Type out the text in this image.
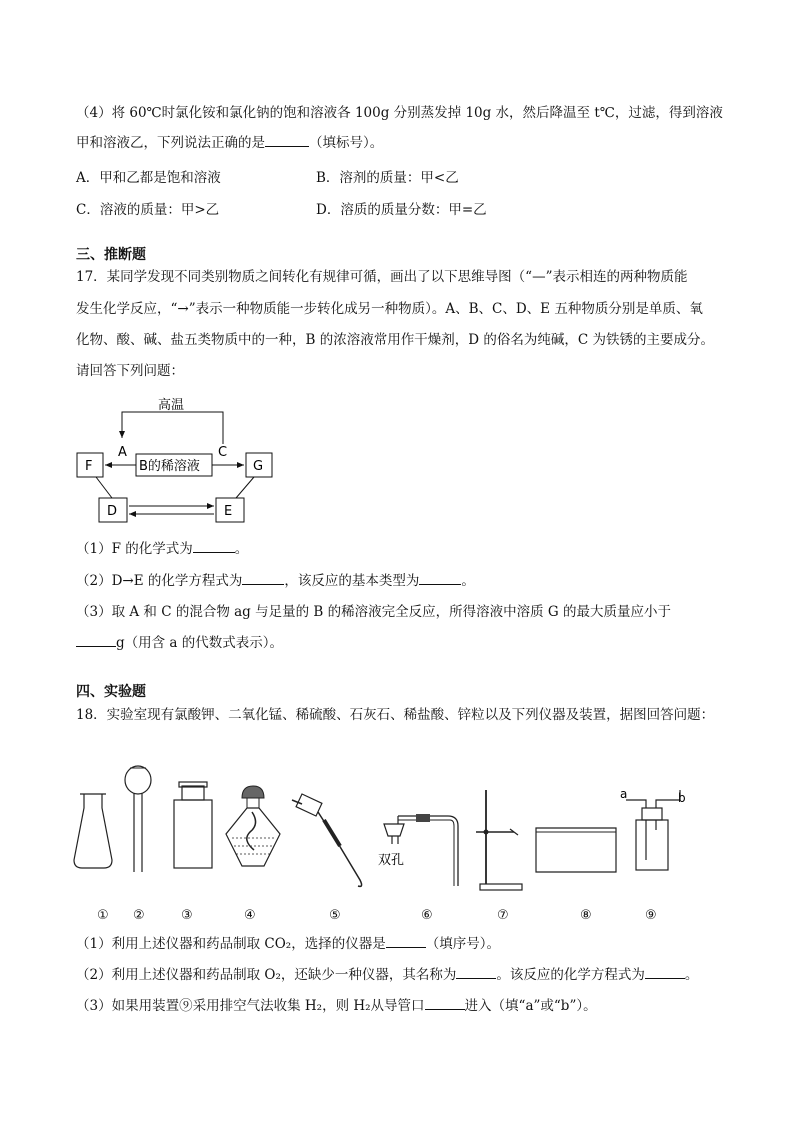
（4）将 60℃时氯化铵和氯化钠的饱和溶液各 100g 分别蒸发掉 10g 水，然后降温至 t℃，过滤，得到溶液
甲和溶液乙，下列说法正确的是	（填标号）。
A．甲和乙都是饱和溶液	B．溶剂的质量：甲<乙
C．溶液的质量：甲>乙	D．溶质的质量分数：甲=乙
三、推断题
17．某同学发现不同类别物质之间转化有规律可循，画出了以下思维导图（“—”表示相连的两种物质能
发生化学反应，“→”表示一种物质能一步转化成另一种物质）。A、B、C、D、E 五种物质分别是单质、氧
化物、酸、碱、盐五类物质中的一种，B 的浓溶液常用作干燥剂，D 的俗名为纯碱，C 为铁锈的主要成分。
请回答下列问题：
高温
A	C
B的稀溶液
F	G
D	E
（1）F 的化学式为	。
（2）D→E 的化学方程式为	，该反应的基本类型为	。
（3）取 A 和 C 的混合物 ag 与足量的 B 的稀溶液完全反应，所得溶液中溶质 G 的最大质量应小于
g（用含 a 的代数式表示）。
四、实验题
18．实验室现有氯酸钾、二氧化锰、稀硫酸、石灰石、稀盐酸、锌粒以及下列仪器及装置，据图回答问题：
双孔
a	b
① ②	③	④	⑤	⑥	⑦	⑧	⑨
（1）利用上述仪器和药品制取 CO₂，选择的仪器是	（填序号）。
（2）利用上述仪器和药品制取 O₂，还缺少一种仪器，其名称为	。该反应的化学方程式为	。
（3）如果用装置⑨采用排空气法收集 H₂，则 H₂从导管口	进入（填“a”或“b”）。
